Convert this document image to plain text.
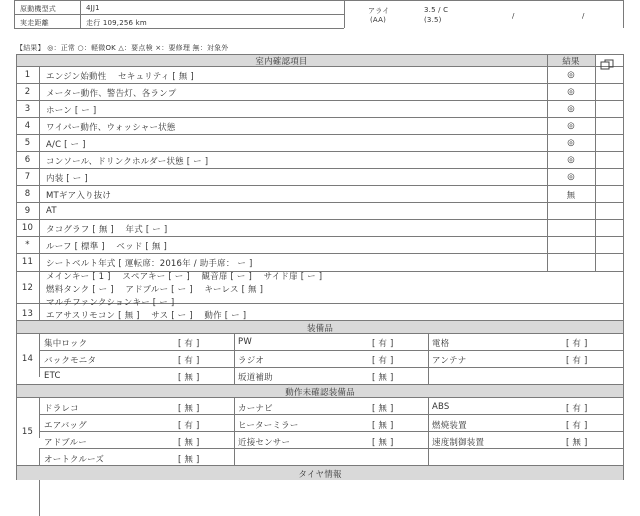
原動機型式	4JJ1
実走距離	走行 109,256 km
アライ
(AA)
3.5 / C
(3.5)	/	/
【結果】 ◎：正常 ○：軽微OK △：要点検 ×：要修理 無：対象外
室内確認項目	結果
1	エンジン始動性　 セキュリティ [ 無 ]	◎
2	メーター動作、警告灯、各ランプ	◎
3	ホーン [ ー ]	◎
4	ワイパー動作、ウォッシャー状態	◎
5	A/C [ ー ]	◎
6	コンソール、ドリンクホルダー状態 [ ー ]	◎
7	内装 [ ー ]	◎
8	MTギア入り抜け	無
9	AT
10	タコグラフ [ 無 ]　 年式 [ ー ]
*	ルーフ [ 標準 ]　 ベッド [ 無 ]
11	シートベルト年式 [ 運転席：2016年 / 助手席： ー ]
12
メインキー [ 1 ]　 スペアキー [ ー ]　 観音扉 [ ー ]　 サイド扉 [ ー ]
燃料タンク [ ー ]　 アドブルー [ ー ]　 キーレス [ 無 ]
マルチファンクションキー [ ー ]
13	エアサスリモコン [ 無 ]　 サス [ ー ]　 動作 [ ー ]
装備品
14
集中ロック	[ 有 ]	PW	[ 有 ]	電格	[ 有 ]
バックモニタ	[ 有 ]	ラジオ	[ 有 ]	アンテナ	[ 有 ]
ETC	[ 無 ]	坂道補助	[ 無 ]
動作未確認装備品
15
ドラレコ	[ 無 ]	カーナビ	[ 無 ]	ABS	[ 有 ]
エアバッグ	[ 有 ]	ヒーターミラー	[ 無 ]	燃焼装置	[ 有 ]
アドブルー	[ 無 ]	近接センサー	[ 無 ]	速度制御装置	[ 無 ]
オートクルーズ	[ 無 ]
タイヤ情報
